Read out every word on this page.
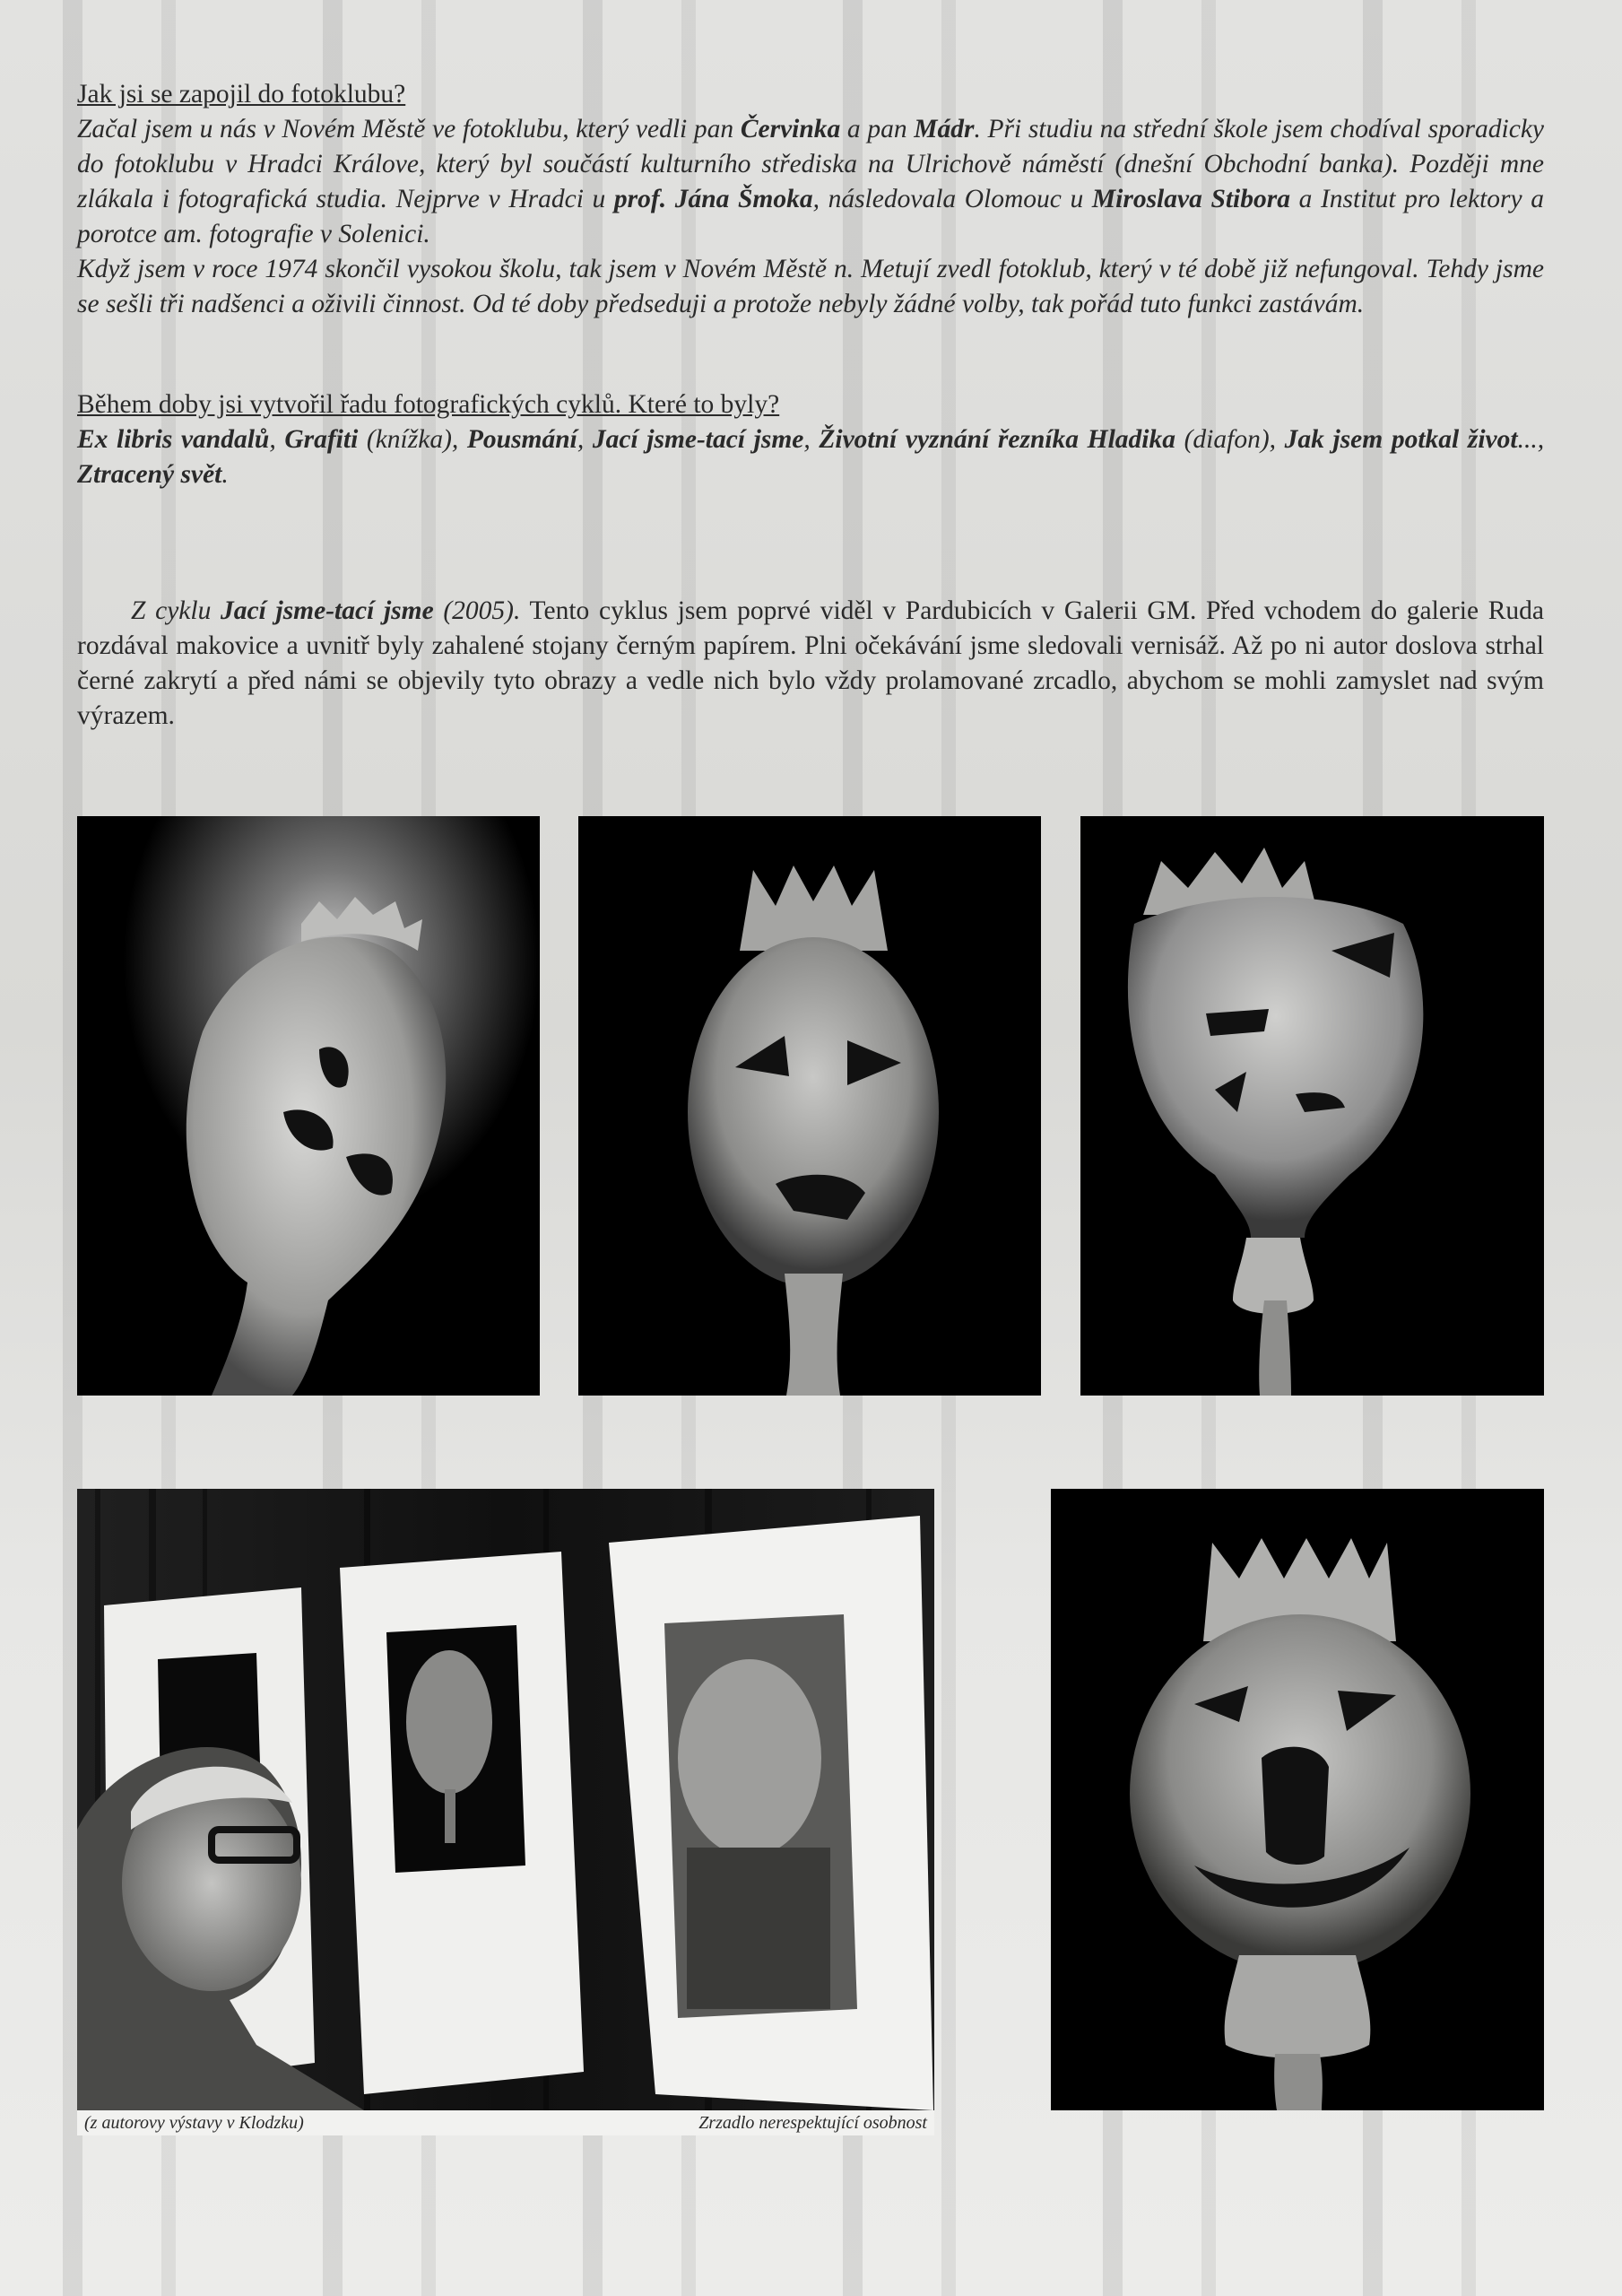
Jak jsi se zapojil do fotoklubu?

Začal jsem u nás v Novém Městě ve fotoklubu, který vedli pan Červinka a pan Mádr. Při studiu na střední škole jsem chodíval sporadicky do fotoklubu v Hradci Králove, který byl součástí kulturního střediska na Ulrichově náměstí (dnešní Obchodní banka). Později mne zlákala i fotografická studia. Nejprve v Hradci u prof. Jána Šmoka, následovala Olomouc u Miroslava Stibora a Institut pro lektory a porotce am. fotografie v Solenici.

Když jsem v roce 1974 skončil vysokou školu, tak jsem v Novém Městě n. Metují zvedl fotoklub, který v té době již nefungoval. Tehdy jsme se sešli tři nadšenci a oživili činnost. Od té doby předseduji a protože nebyly žádné volby, tak pořád tuto funkci zastávám.

Během doby jsi vytvořil řadu fotografických cyklů. Které to byly?

Ex libris vandalů, Grafiti (knížka), Pousmání, Jací jsme-tací jsme, Životní vyznání řezníka Hladika (diafon), Jak jsem potkal život..., Ztracený svět.

Z cyklu Jací jsme-tací jsme (2005). Tento cyklus jsem poprvé viděl v Pardubicích v Galerii GM. Před vchodem do galerie Ruda rozdával makovice a uvnitř byly zahalené stojany černým papírem. Plni očekávání jsme sledovali vernisáž. Až po ni autor doslova strhal černé zakrytí a před námi se objevily tyto obrazy a vedle nich bylo vždy prolamované zrcadlo, abychom se mohli zamyslet nad svým výrazem.

(z autorovy výstavy v Klodzku)	Zrzadlo nerespektující osobnost
